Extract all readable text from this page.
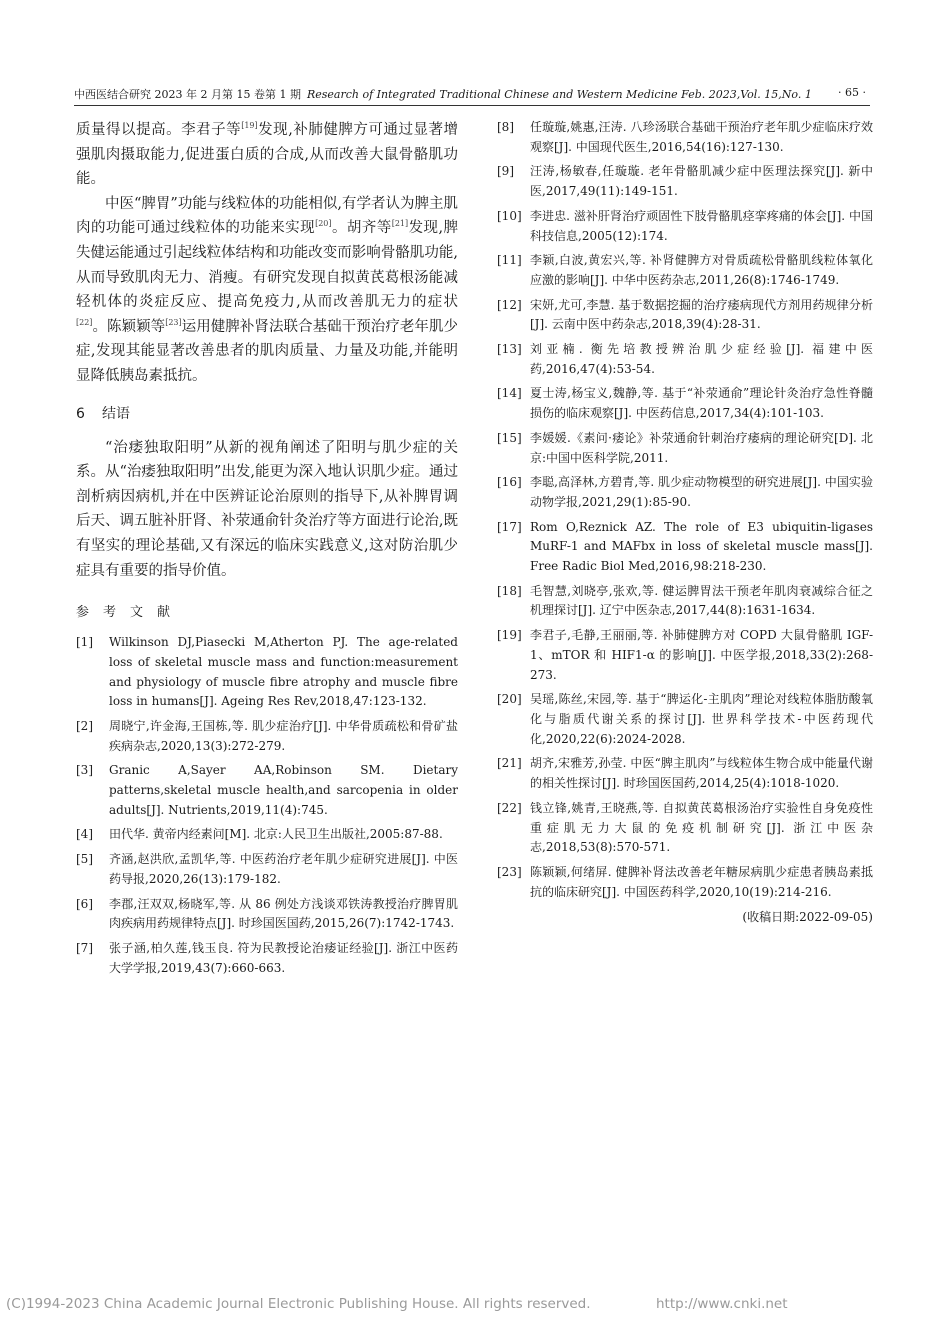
中西医结合研究 2023 年 2 月第 15 卷第 1 期 Research of Integrated Traditional Chinese and Western Medicine Feb. 2023,Vol. 15,No. 1 · 65 ·

质量得以提高。李君子等[19]发现,补肺健脾方可通过显著增强肌肉摄取能力,促进蛋白质的合成,从而改善大鼠骨骼肌功能。

中医“脾胃”功能与线粒体的功能相似,有学者认为脾主肌肉的功能可通过线粒体的功能来实现[20]。胡齐等[21]发现,脾失健运能通过引起线粒体结构和功能改变而影响骨骼肌功能,从而导致肌肉无力、消瘦。有研究发现自拟黄芪葛根汤能减轻机体的炎症反应、提高免疫力,从而改善肌无力的症状[22]。陈颖颖等[23]运用健脾补肾法联合基础干预治疗老年肌少症,发现其能显著改善患者的肌肉质量、力量及功能,并能明显降低胰岛素抵抗。

6 结语

“治痿独取阳明”从新的视角阐述了阳明与肌少症的关系。从“治痿独取阳明”出发,能更为深入地认识肌少症。通过剖析病因病机,并在中医辨证论治原则的指导下,从补脾胃调后天、调五脏补肝肾、补荥通俞针灸治疗等方面进行论治,既有坚实的理论基础,又有深远的临床实践意义,这对防治肌少症具有重要的指导价值。

参考文献
[1]	Wilkinson DJ,Piasecki M,Atherton PJ. The age-related loss of skeletal muscle mass and function:measurement and physiology of muscle fibre atrophy and muscle fibre loss in humans[J]. Ageing Res Rev,2018,47:123-132.
[2]	周晓宁,许金海,王国栋,等. 肌少症治疗[J]. 中华骨质疏松和骨矿盐疾病杂志,2020,13(3):272-279.
[3]	Granic A,Sayer AA,Robinson SM. Dietary patterns,skeletal muscle health,and sarcopenia in older adults[J]. Nutrients,2019,11(4):745.
[4]	田代华. 黄帝内经素问[M]. 北京:人民卫生出版社,2005:87-88.
[5]	齐涵,赵洪欣,孟凯华,等. 中医药治疗老年肌少症研究进展[J]. 中医药导报,2020,26(13):179-182.
[6]	李郡,汪双双,杨晓军,等. 从 86 例处方浅谈邓铁涛教授治疗脾胃肌肉疾病用药规律特点[J]. 时珍国医国药,2015,26(7):1742-1743.
[7]	张子涵,柏久莲,钱玉良. 符为民教授论治痿证经验[J]. 浙江中医药大学学报,2019,43(7):660-663.
[8]	任璇璇,姚惠,汪涛. 八珍汤联合基础干预治疗老年肌少症临床疗效观察[J]. 中国现代医生,2016,54(16):127-130.
[9]	汪涛,杨敏春,任璇璇. 老年骨骼肌减少症中医理法探究[J]. 新中医,2017,49(11):149-151.
[10] 李进忠. 滋补肝肾治疗顽固性下肢骨骼肌痉挛疼痛的体会[J]. 中国科技信息,2005(12):174.
[11] 李颖,白波,黄宏兴,等. 补肾健脾方对骨质疏松骨骼肌线粒体氧化应激的影响[J]. 中华中医药杂志,2011,26(8):1746-1749.
[12] 宋妍,尤可,李慧. 基于数据挖掘的治疗痿病现代方剂用药规律分析[J]. 云南中医中药杂志,2018,39(4):28-31.
[13] 刘亚楠. 衡先培教授辨治肌少症经验[J]. 福建中医药,2016,47(4):53-54.
[14] 夏士涛,杨宝义,魏静,等. 基于“补荥通俞”理论针灸治疗急性脊髓损伤的临床观察[J]. 中医药信息,2017,34(4):101-103.
[15] 李媛媛.《素问·痿论》补荥通俞针刺治疗痿病的理论研究[D]. 北京:中国中医科学院,2011.
[16] 李聪,高泽林,方碧青,等. 肌少症动物模型的研究进展[J]. 中国实验动物学报,2021,29(1):85-90.
[17] Rom O,Reznick AZ. The role of E3 ubiquitin-ligases MuRF-1 and MAFbx in loss of skeletal muscle mass[J]. Free Radic Biol Med,2016,98:218-230.
[18] 毛智慧,刘晓亭,张欢,等. 健运脾胃法干预老年肌肉衰减综合征之机理探讨[J]. 辽宁中医杂志,2017,44(8):1631-1634.
[19] 李君子,毛静,王丽丽,等. 补肺健脾方对 COPD 大鼠骨骼肌 IGF-1、mTOR 和 HIF1-α 的影响[J]. 中医学报,2018,33(2):268-273.
[20] 吴瑶,陈丝,宋园,等. 基于“脾运化-主肌肉”理论对线粒体脂肪酸氧化与脂质代谢关系的探讨[J]. 世界科学技术-中医药现代化,2020,22(6):2024-2028.
[21] 胡齐,宋雅芳,孙莹. 中医“脾主肌肉”与线粒体生物合成中能量代谢的相关性探讨[J]. 时珍国医国药,2014,25(4):1018-1020.
[22] 钱立锋,姚青,王晓燕,等. 自拟黄芪葛根汤治疗实验性自身免疫性重症肌无力大鼠的免疫机制研究[J]. 浙江中医杂志,2018,53(8):570-571.
[23] 陈颖颖,何绪屏. 健脾补肾法改善老年糖尿病肌少症患者胰岛素抵抗的临床研究[J]. 中国医药科学,2020,10(19):214-216.
(收稿日期:2022-09-05)
(C)1994-2023 China Academic Journal Electronic Publishing House. All rights reserved.	http://www.cnki.net
